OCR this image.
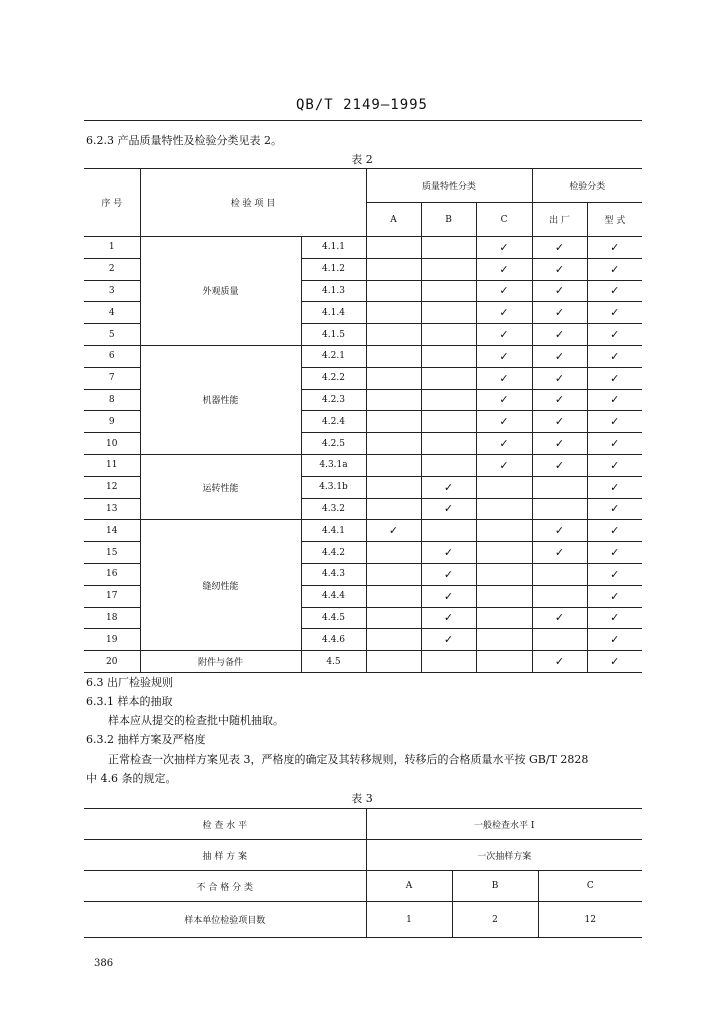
QB/T 2149—1995
6.2.3 产品质量特性及检验分类见表 2。
表 2
序 号	检 验 项 目		质量特性分类			检验分类	
			A	B	C	出 厂	型 式
1	外观质量	4.1.1			✓	✓	✓
2		4.1.2			✓	✓	✓
3		4.1.3			✓	✓	✓
4		4.1.4			✓	✓	✓
5		4.1.5			✓	✓	✓
6	机器性能	4.2.1			✓	✓	✓
7		4.2.2			✓	✓	✓
8		4.2.3			✓	✓	✓
9		4.2.4			✓	✓	✓
10		4.2.5			✓	✓	✓
11	运转性能	4.3.1a			✓	✓	✓
12		4.3.1b		✓			✓
13		4.3.2		✓			✓
14	缝纫性能	4.4.1	✓			✓	✓
15		4.4.2		✓		✓	✓
16		4.4.3		✓			✓
17		4.4.4		✓			✓
18		4.4.5		✓		✓	✓
19		4.4.6		✓			✓
20	附件与备件	4.5				✓	✓
6.3 出厂检验规则
6.3.1 样本的抽取
样本应从提交的检查批中随机抽取。
6.3.2 抽样方案及严格度
正常检查一次抽样方案见表 3，严格度的确定及其转移规则，转移后的合格质量水平按 GB/T 2828
中 4.6 条的规定。
表 3
检 查 水 平	一般检查水平 I		
抽 样 方 案	一次抽样方案		
不 合 格 分 类	A	B	C
样本单位检验项目数	1	2	12
386
